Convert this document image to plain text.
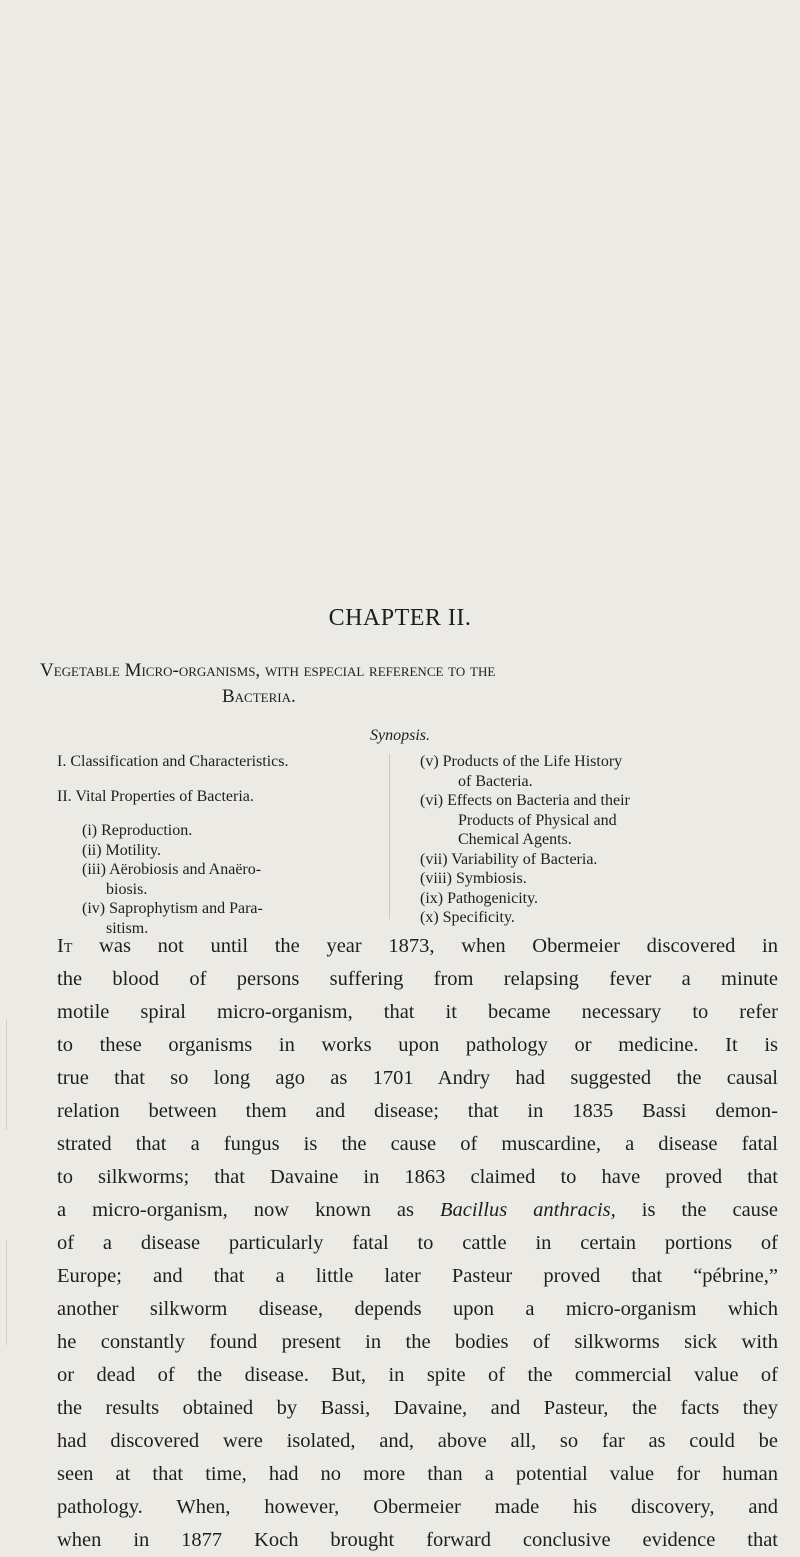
CHAPTER II.
Vegetable Micro-organisms, with especial reference to the
Bacteria.
Synopsis.
I. Classification and Characteristics.
II. Vital Properties of Bacteria.
(i) Reproduction.
(ii) Motility.
(iii) Aërobiosis and Anaëro-
biosis.
(iv) Saprophytism and Para-
sitism.
(v) Products of the Life History
of Bacteria.
(vi) Effects on Bacteria and their
Products of Physical and
Chemical Agents.
(vii) Variability of Bacteria.
(viii) Symbiosis.
(ix) Pathogenicity.
(x) Specificity.
It was not until the year 1873, when Obermeier discovered in
the blood of persons suffering from relapsing fever a minute
motile spiral micro-organism, that it became necessary to refer
to these organisms in works upon pathology or medicine. It is
true that so long ago as 1701 Andry had suggested the causal
relation between them and disease; that in 1835 Bassi demon-
strated that a fungus is the cause of muscardine, a disease fatal
to silkworms; that Davaine in 1863 claimed to have proved that
a micro-organism, now known as Bacillus anthracis, is the cause
of a disease particularly fatal to cattle in certain portions of
Europe; and that a little later Pasteur proved that “pébrine,”
another silkworm disease, depends upon a micro-organism which
he constantly found present in the bodies of silkworms sick with
or dead of the disease. But, in spite of the commercial value of
the results obtained by Bassi, Davaine, and Pasteur, the facts they
had discovered were isolated, and, above all, so far as could be
seen at that time, had no more than a potential value for human
pathology. When, however, Obermeier made his discovery, and
when in 1877 Koch brought forward conclusive evidence that
